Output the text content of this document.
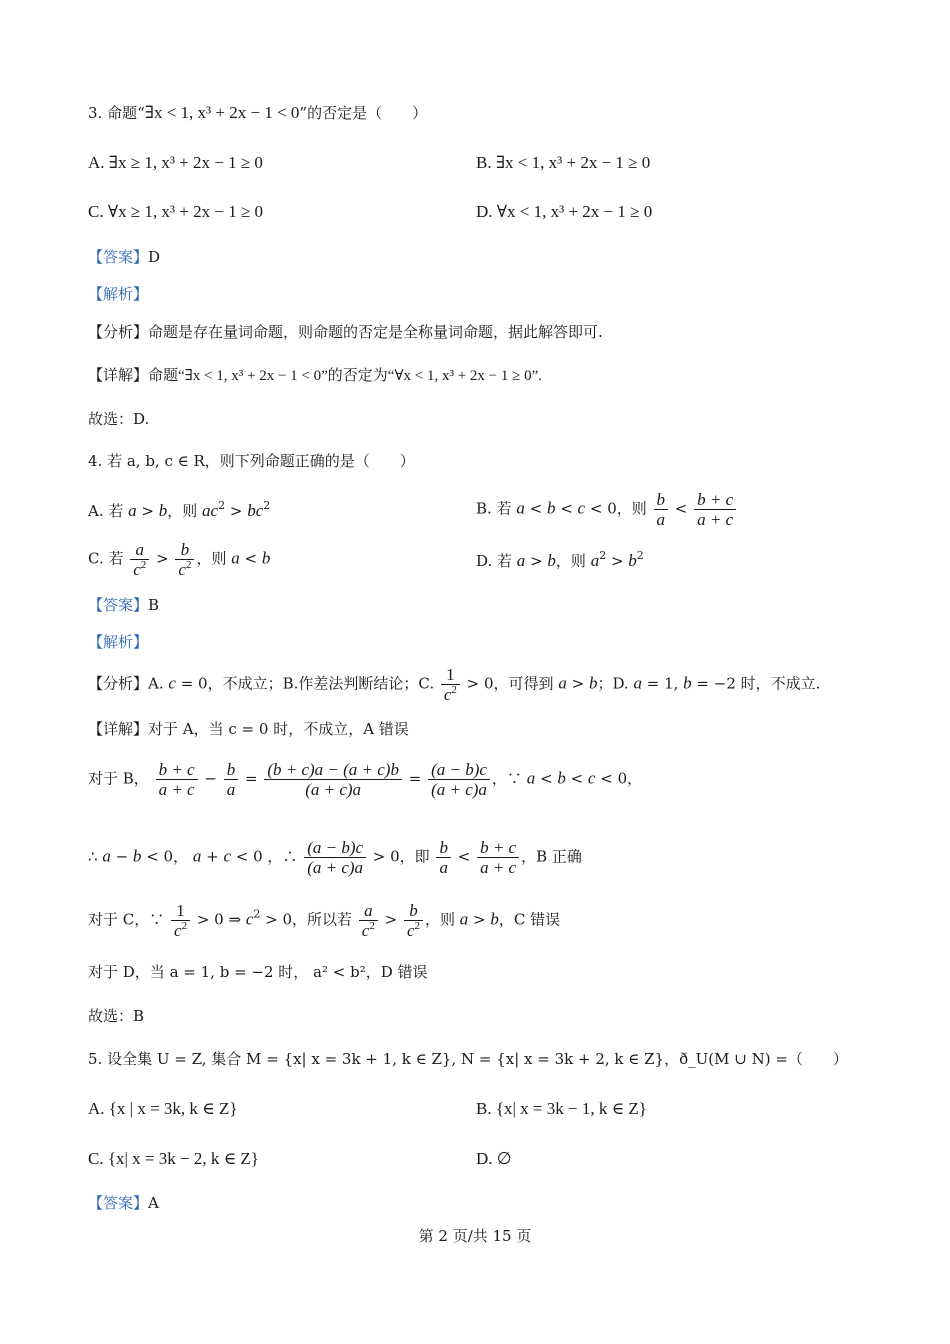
3. 命题“∃x < 1, x³ + 2x − 1 < 0”的否定是（　　）
A. ∃x ≥ 1, x³ + 2x − 1 ≥ 0	B. ∃x < 1, x³ + 2x − 1 ≥ 0
C. ∀x ≥ 1, x³ + 2x − 1 ≥ 0	D. ∀x < 1, x³ + 2x − 1 ≥ 0
【答案】D
【解析】
【分析】命题是存在量词命题，则命题的否定是全称量词命题，据此解答即可.
【详解】命题“∃x < 1, x³ + 2x − 1 < 0”的否定为“∀x < 1, x³ + 2x − 1 ≥ 0”.
故选：D.
4. 若 a, b, c ∈ R，则下列命题正确的是（　　）
A. 若 a > b，则 $ac^2 > bc^2$	B. 若 a < b < c < 0，则 $\frac{b}{a} < \frac{b + c}{a + c}$
C. 若 $\frac{a}{c^2} > \frac{b}{c^2}$ ，则 a < b	D. 若 a > b，则 $a^2 > b^2$
【答案】B
【解析】
【分析】A. c = 0，不成立；B.作差法判断结论；C. $\frac{1}{c^2} > 0$，可得到 a > b；D. a = 1, b = −2 时，不成立.
【详解】对于 A，当 c = 0 时，不成立，A 错误
对于 B， $\frac{b + c}{a + c} - \frac{b}{a} = \frac{(b + c)a - (a + c)b}{(a + c)a} = \frac{(a - b)c}{(a + c)a}$ ，∵ a < b < c < 0，
∴ a − b < 0， a + c < 0 ，∴ $\frac{(a - b)c}{(a + c)a} > 0$，即 $\frac{b}{a} < \frac{b + c}{a + c}$ ，B 正确
对于 C，∵ $\frac{1}{c^2} > 0$ ⇒ $c^2 > 0$，所以若 $\frac{a}{c^2} > \frac{b}{c^2}$ ，则 a > b，C 错误
对于 D，当 a = 1, b = −2 时， a² < b²，D 错误
故选：B
5. 设全集 U = Z, 集合 M = {x| x = 3k + 1, k ∈ Z}, N = {x| x = 3k + 2, k ∈ Z}，ð_U(M ∪ N) =（　　）
A. {x | x = 3k, k ∈ Z}	B. {x| x = 3k − 1, k ∈ Z}
C. {x| x = 3k − 2, k ∈ Z}	D. ∅
【答案】A
第 2 页/共 15 页
